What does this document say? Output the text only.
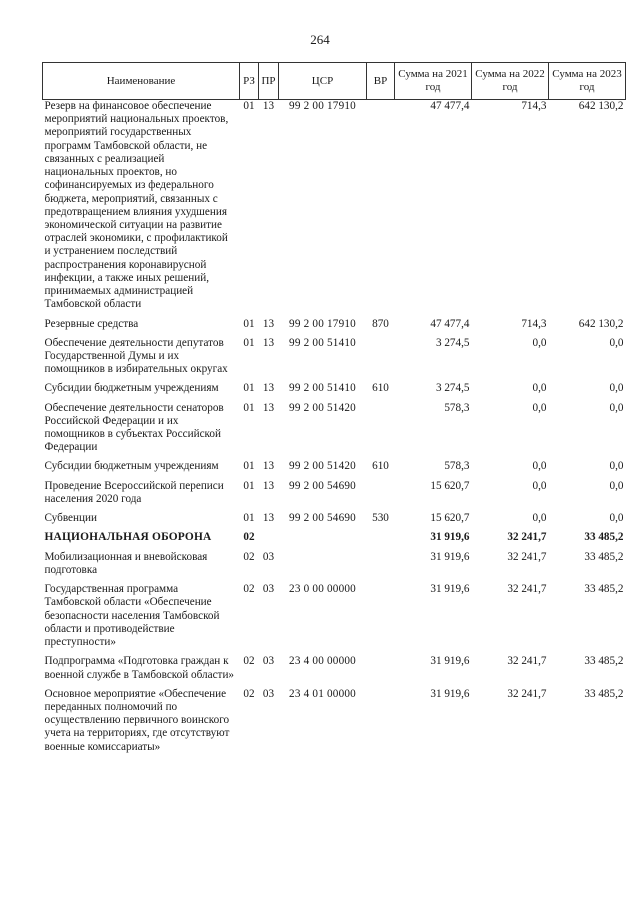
264
Наименование	РЗ	ПР	ЦСР	ВР	Сумма на 2021 год	Сумма на 2022 год	Сумма на 2023 год
Резерв на финансовое обеспечение мероприятий национальных проектов, мероприятий государственных программ Тамбовской области, не связанных с реализацией национальных проектов, но софинансируемых из федерального бюджета, мероприятий, связанных с предотвращением влияния ухудшения экономической ситуации на развитие отраслей экономики, с профилактикой и устранением последствий распространения коронавирусной инфекции, а также иных решений, принимаемых администрацией Тамбовской области	01	13	99 2 00 17910		47 477,4	714,3	642 130,2
Резервные средства	01	13	99 2 00 17910	870	47 477,4	714,3	642 130,2
Обеспечение деятельности депутатов Государственной Думы и их помощников в избирательных округах	01	13	99 2 00 51410		3 274,5	0,0	0,0
Субсидии бюджетным учреждениям	01	13	99 2 00 51410	610	3 274,5	0,0	0,0
Обеспечение деятельности сенаторов Российской Федерации и их помощников в субъектах Российской Федерации	01	13	99 2 00 51420		578,3	0,0	0,0
Субсидии бюджетным учреждениям	01	13	99 2 00 51420	610	578,3	0,0	0,0
Проведение Всероссийской переписи населения 2020 года	01	13	99 2 00 54690		15 620,7	0,0	0,0
Субвенции	01	13	99 2 00 54690	530	15 620,7	0,0	0,0
НАЦИОНАЛЬНАЯ ОБОРОНА	02				31 919,6	32 241,7	33 485,2
Мобилизационная и вневойсковая подготовка	02	03			31 919,6	32 241,7	33 485,2
Государственная программа Тамбовской области «Обеспечение безопасности населения Тамбовской области и противодействие преступности»	02	03	23 0 00 00000		31 919,6	32 241,7	33 485,2
Подпрограмма «Подготовка граждан к военной службе в Тамбовской области»	02	03	23 4 00 00000		31 919,6	32 241,7	33 485,2
Основное мероприятие «Обеспечение переданных полномочий по осуществлению первичного воинского учета на территориях, где отсутствуют военные комиссариаты»	02	03	23 4 01 00000		31 919,6	32 241,7	33 485,2
